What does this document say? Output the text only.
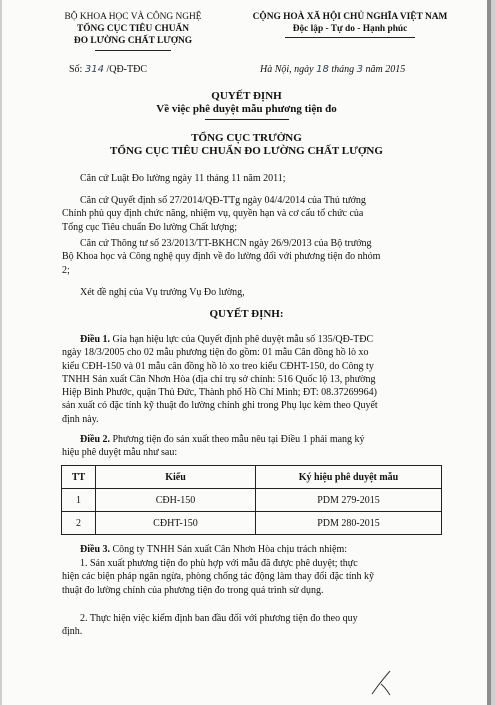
BỘ KHOA HỌC VÀ CÔNG NGHỆ
TỔNG CỤC TIÊU CHUẨN
ĐO LƯỜNG CHẤT LƯỢNG
CỘNG HOÀ XÃ HỘI CHỦ NGHĨA VIỆT NAM
Độc lập - Tự do - Hạnh phúc
Số: 314 /QĐ-TĐC	Hà Nội, ngày 18 tháng 3 năm 2015
QUYẾT ĐỊNH
Về việc phê duyệt mẫu phương tiện đo
TỔNG CỤC TRƯỞNG
TỔNG CỤC TIÊU CHUẨN ĐO LƯỜNG CHẤT LƯỢNG
Căn cứ Luật Đo lường ngày 11 tháng 11 năm 2011;
Căn cứ Quyết định số 27/2014/QĐ-TTg ngày 04/4/2014 của Thủ tướng
Chính phủ quy định chức năng, nhiệm vụ, quyền hạn và cơ cấu tổ chức của
Tổng cục Tiêu chuẩn Đo lường Chất lượng;
Căn cứ Thông tư số 23/2013/TT-BKHCN ngày 26/9/2013 của Bộ trưởng
Bộ Khoa học và Công nghệ quy định về đo lường đối với phương tiện đo nhóm
2;
Xét đề nghị của Vụ trưởng Vụ Đo lường,
QUYẾT ĐỊNH:
Điều 1. Gia hạn hiệu lực của Quyết định phê duyệt mẫu số 135/QĐ-TĐC
ngày 18/3/2005 cho 02 mẫu phương tiện đo gồm: 01 mẫu Cân đồng hồ lò xo
kiểu CĐH-150 và 01 mẫu cân đồng hồ lò xo treo kiểu CĐHT-150, do Công ty
TNHH Sản xuất Cân Nhơn Hòa (địa chỉ trụ sở chính: 516 Quốc lộ 13, phường
Hiệp Bình Phước, quận Thủ Đức, Thành phố Hồ Chí Minh; ĐT: 08.37269964)
sản xuất có đặc tính kỹ thuật đo lường chính ghi trong Phụ lục kèm theo Quyết
định này.
Điều 2. Phương tiện đo sản xuất theo mẫu nêu tại Điều 1 phải mang ký
hiệu phê duyệt mẫu như sau:
TT	Kiểu	Ký hiệu phê duyệt mẫu
1	CĐH-150	PDM 279-2015
2	CĐHT-150	PDM 280-2015
Điều 3. Công ty TNHH Sản xuất Cân Nhơn Hòa chịu trách nhiệm:
1. Sản xuất phương tiện đo phù hợp với mẫu đã được phê duyệt; thực
hiện các biện pháp ngăn ngừa, phòng chống tác động làm thay đổi đặc tính kỹ
thuật đo lường chính của phương tiện đo trong quá trình sử dụng.
2. Thực hiện việc kiểm định ban đầu đối với phương tiện đo theo quy
định.
